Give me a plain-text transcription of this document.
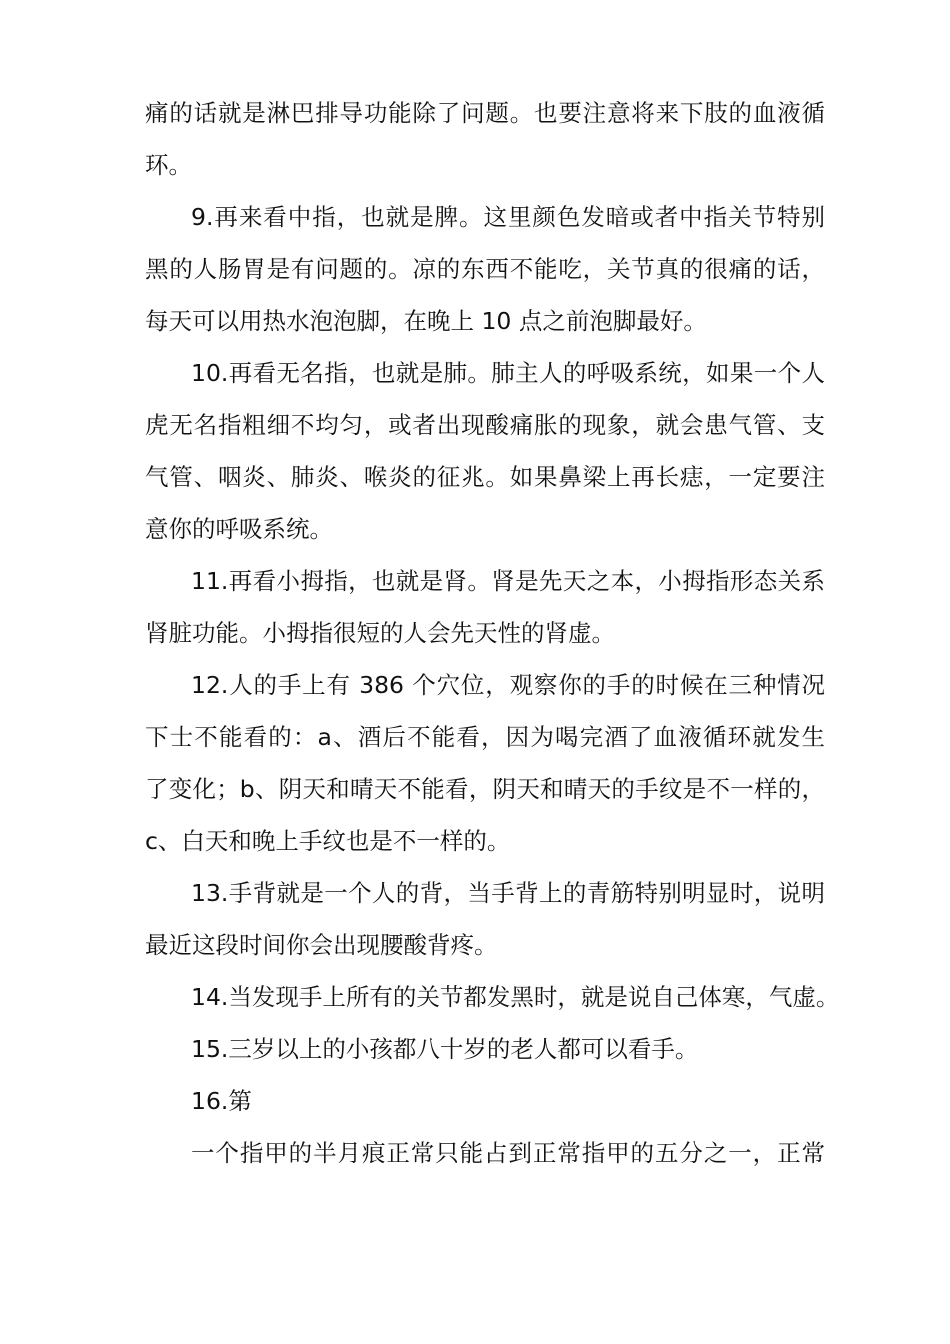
痛的话就是淋巴排导功能除了问题。也要注意将来下肢的血液循
环。
9.再来看中指，也就是脾。这里颜色发暗或者中指关节特别
黑的人肠胃是有问题的。凉的东西不能吃，关节真的很痛的话，
每天可以用热水泡泡脚，在晚上 10 点之前泡脚最好。
10.再看无名指，也就是肺。肺主人的呼吸系统，如果一个人
虎无名指粗细不均匀，或者出现酸痛胀的现象，就会患气管、支
气管、咽炎、肺炎、喉炎的征兆。如果鼻梁上再长痣，一定要注
意你的呼吸系统。
11.再看小拇指，也就是肾。肾是先天之本，小拇指形态关系
肾脏功能。小拇指很短的人会先天性的肾虚。
12.人的手上有 386 个穴位，观察你的手的时候在三种情况
下士不能看的：a、酒后不能看，因为喝完酒了血液循环就发生
了变化；b、阴天和晴天不能看，阴天和晴天的手纹是不一样的，
c、白天和晚上手纹也是不一样的。
13.手背就是一个人的背，当手背上的青筋特别明显时，说明
最近这段时间你会出现腰酸背疼。
14.当发现手上所有的关节都发黑时，就是说自己体寒，气虚。
15.三岁以上的小孩都八十岁的老人都可以看手。
16.第
一个指甲的半月痕正常只能占到正常指甲的五分之一，正常
